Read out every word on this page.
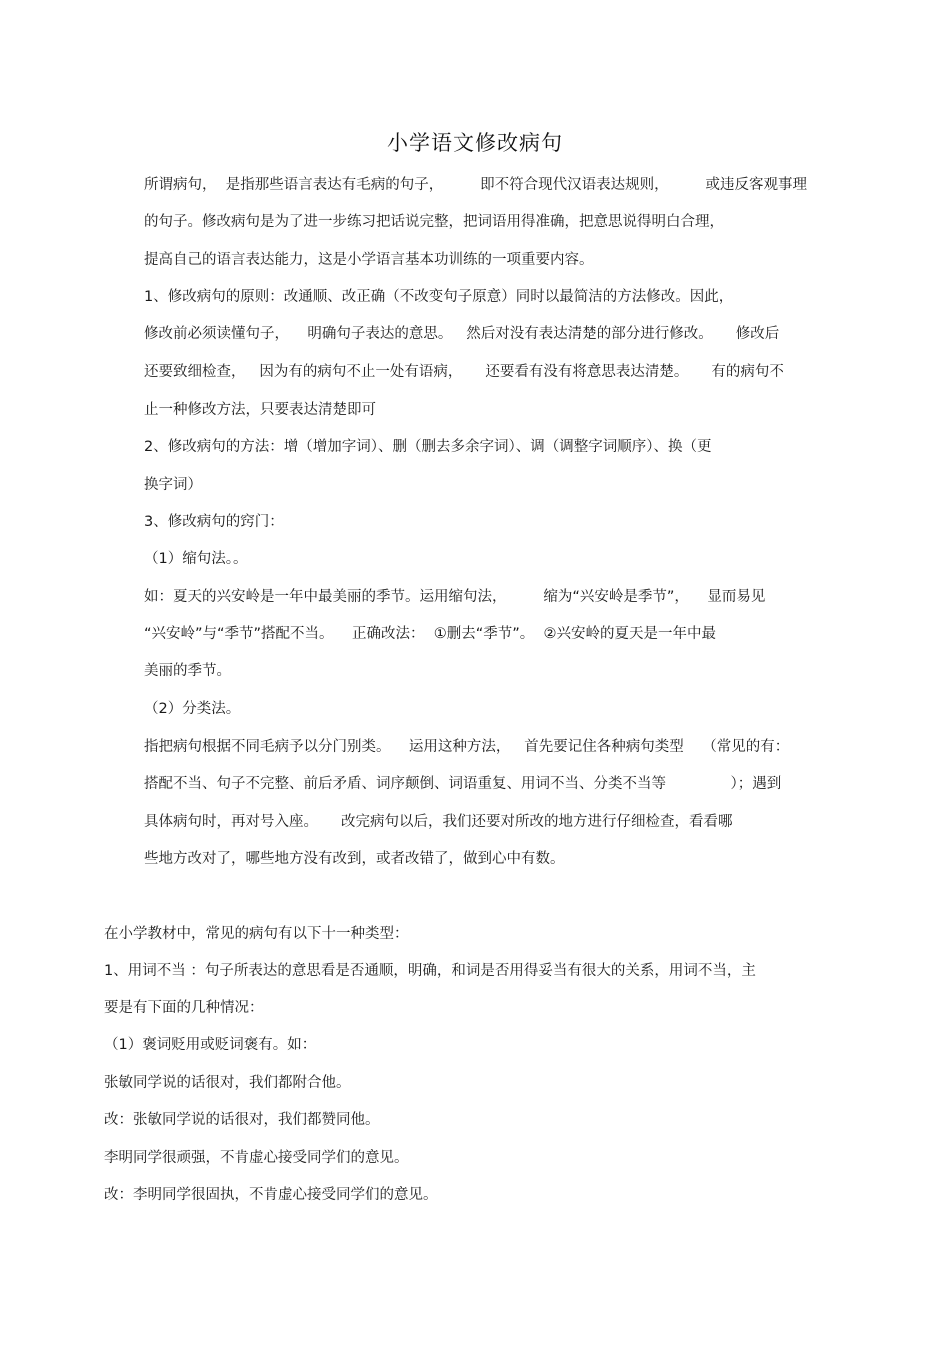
小学语文修改病句
所谓病句，  是指那些语言表达有毛病的句子，        即不符合现代汉语表达规则，        或违反客观事理
的句子。修改病句是为了进一步练习把话说完整，把词语用得准确，把意思说得明白合理，
提高自己的语言表达能力，这是小学语言基本功训练的一项重要内容。
1、修改病句的原则：改通顺、改正确（不改变句子原意）同时以最简洁的方法修改。因此，
修改前必须读懂句子，    明确句子表达的意思。   然后对没有表达清楚的部分进行修改。     修改后
还要致细检查，   因为有的病句不止一处有语病，     还要看有没有将意思表达清楚。     有的病句不
止一种修改方法，只要表达清楚即可
2、修改病句的方法：增（增加字词）、删（删去多余字词）、调（调整字词顺序）、换（更
换字词）
3、修改病句的窍门：
（1）缩句法。。
如：夏天的兴安岭是一年中最美丽的季节。运用缩句法，        缩为“兴安岭是季节”，    显而易见
“兴安岭”与“季节”搭配不当。    正确改法：  ①删去“季节”。  ②兴安岭的夏天是一年中最
美丽的季节。
（2）分类法。
指把病句根据不同毛病予以分门别类。    运用这种方法，   首先要记住各种病句类型    （常见的有：
搭配不当、句子不完整、前后矛盾、词序颠倒、词语重复、用词不当、分类不当等              ）；遇到
具体病句时，再对号入座。     改完病句以后，我们还要对所改的地方进行仔细检查，看看哪
些地方改对了，哪些地方没有改到，或者改错了，做到心中有数。
在小学教材中，常见的病句有以下十一种类型：
1、用词不当 ：句子所表达的意思看是否通顺，明确，和词是否用得妥当有很大的关系，用词不当，主
要是有下面的几种情况：
（1）褒词贬用或贬词褒有。如：
张敏同学说的话很对，我们都附合他。
改：张敏同学说的话很对，我们都赞同他。
李明同学很顽强，不肯虚心接受同学们的意见。
改：李明同学很固执，不肯虚心接受同学们的意见。
